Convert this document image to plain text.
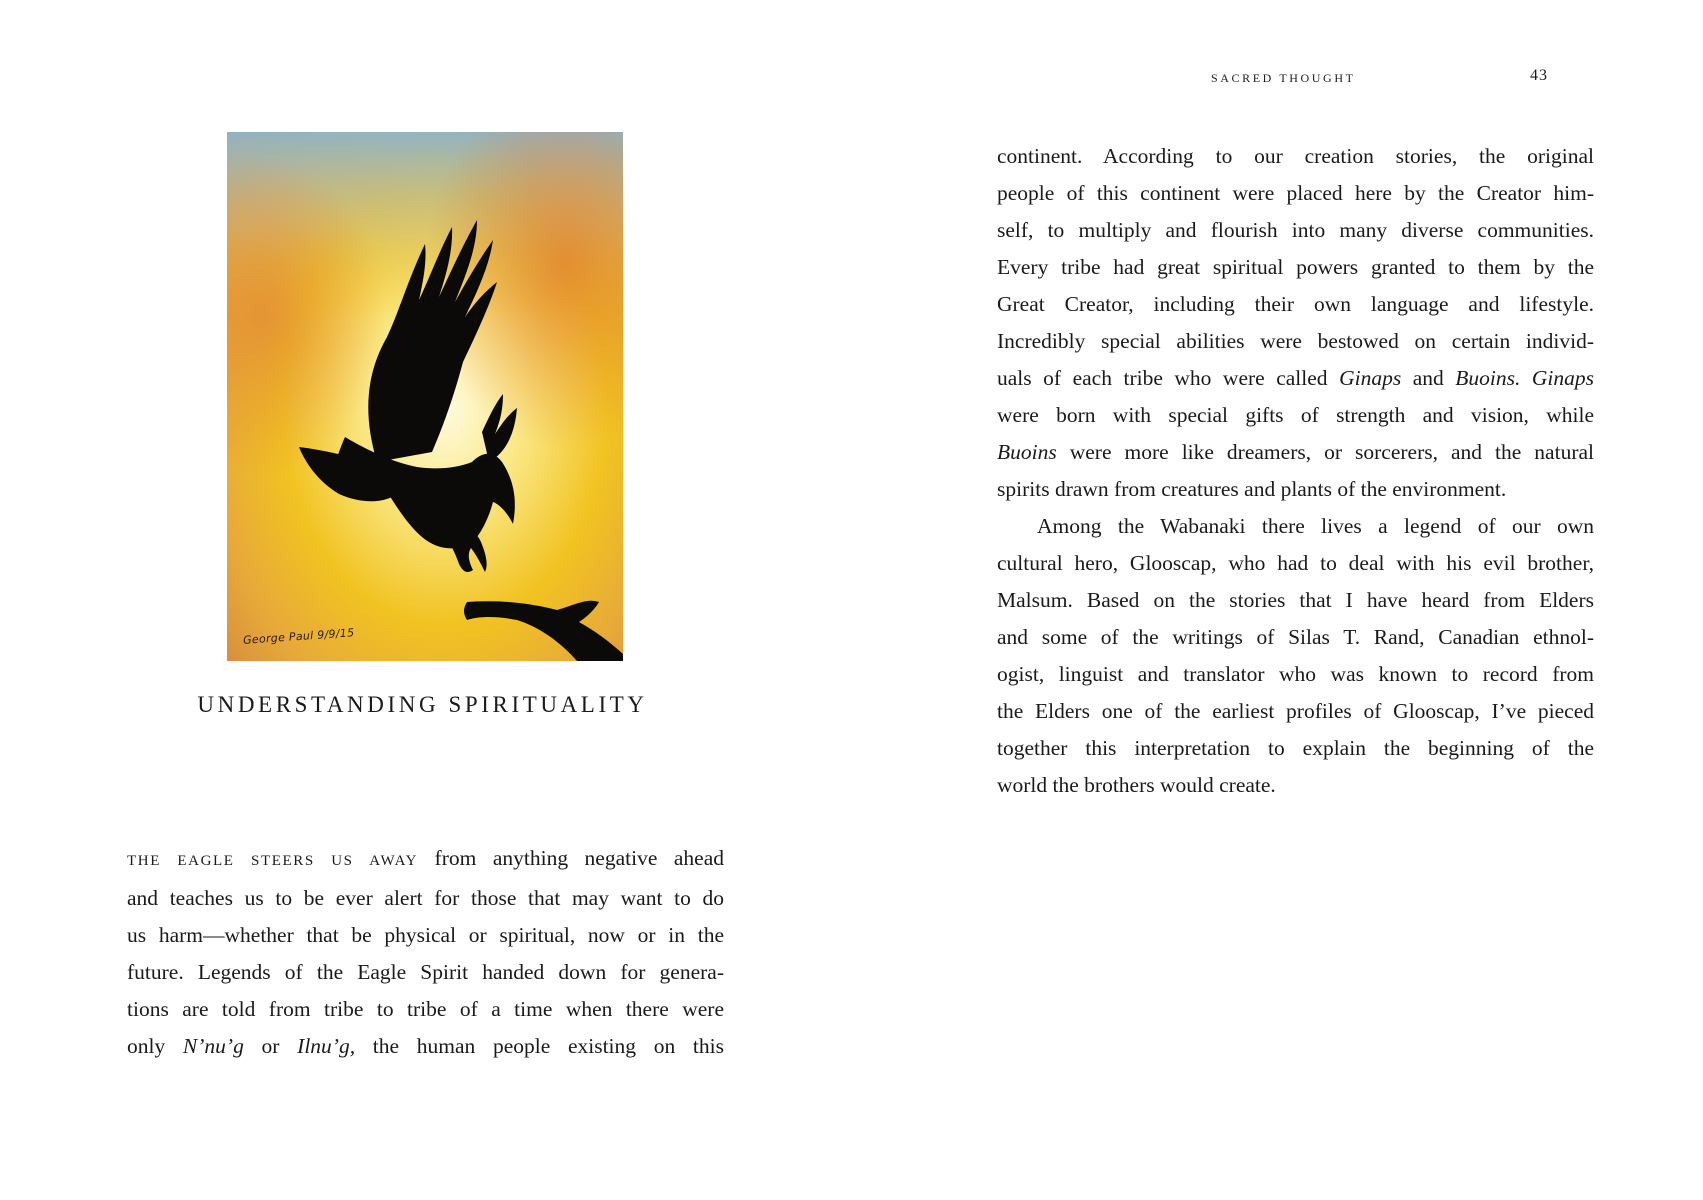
George Paul 9/9/15
UNDERSTANDING SPIRITUALITY
THE EAGLE STEERS US AWAY from anything negative ahead
and teaches us to be ever alert for those that may want to do
us harm—whether that be physical or spiritual, now or in the
future. Legends of the Eagle Spirit handed down for genera-
tions are told from tribe to tribe of a time when there were
only N’nu’g or Ilnu’g, the human people existing on this
SACRED THOUGHT	43

continent. According to our creation stories, the original
people of this continent were placed here by the Creator him-
self, to multiply and flourish into many diverse communities.
Every tribe had great spiritual powers granted to them by the
Great Creator, including their own language and lifestyle.
Incredibly special abilities were bestowed on certain individ-
uals of each tribe who were called Ginaps and Buoins. Ginaps
were born with special gifts of strength and vision, while
Buoins were more like dreamers, or sorcerers, and the natural
spirits drawn from creatures and plants of the environment.

Among the Wabanaki there lives a legend of our own
cultural hero, Glooscap, who had to deal with his evil brother,
Malsum. Based on the stories that I have heard from Elders
and some of the writings of Silas T. Rand, Canadian ethnol-
ogist, linguist and translator who was known to record from
the Elders one of the earliest profiles of Glooscap, I’ve pieced
together this interpretation to explain the beginning of the
world the brothers would create.
